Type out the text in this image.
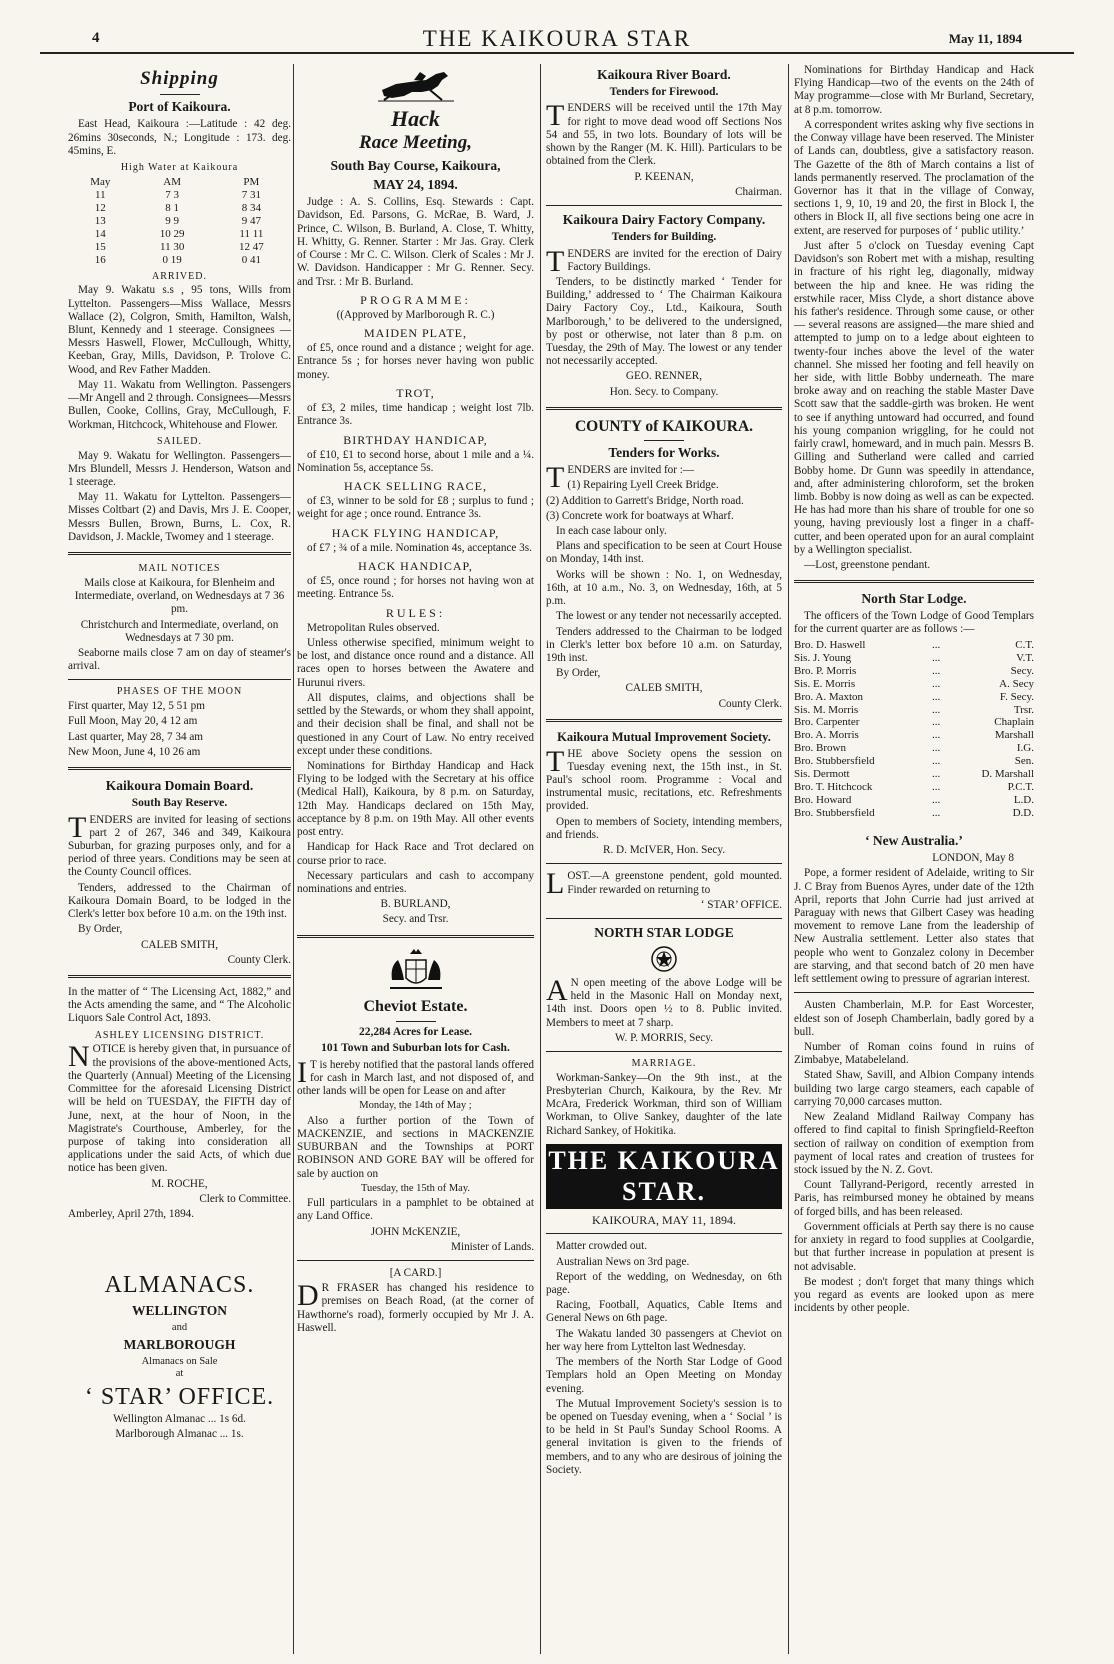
4	THE KAIKOURA STAR	May 11, 1894
Shipping
Port of Kaikoura.

East Head, Kaikoura :—Latitude : 42 deg. 26mins 30seconds, N.; Longitude : 173. deg. 45mins, E.

High Water at Kaikoura
May	AM	PM
11	7 3	7 31
12	8 1	8 34
13	9 9	9 47
14	10 29	11 11
15	11 30	12 47
16	0 19	0 41
ARRIVED.

May 9. Wakatu s.s , 95 tons, Wills from Lyttelton. Passengers—Miss Wallace, Messrs Wallace (2), Colgron, Smith, Hamilton, Walsh, Blunt, Kennedy and 1 steerage. Consignees — Messrs Haswell, Flower, McCullough, Whitty, Keeban, Gray, Mills, Davidson, P. Trolove C. Wood, and Rev Father Madden.

May 11. Wakatu from Wellington. Passengers—Mr Angell and 2 through. Consignees—Messrs Bullen, Cooke, Collins, Gray, McCullough, F. Workman, Hitchcock, Whitehouse and Flower.

SAILED.

May 9. Wakatu for Wellington. Passengers—Mrs Blundell, Messrs J. Henderson, Watson and 1 steerage.

May 11. Wakatu for Lyttelton. Passengers—Misses Coltbart (2) and Davis, Mrs J. E. Cooper, Messrs Bullen, Brown, Burns, L. Cox, R. Davidson, J. Mackle, Twomey and 1 steerage.

MAIL NOTICES

Mails close at Kaikoura, for Blenheim and Intermediate, overland, on Wednesdays at 7 36 pm.

Christchurch and Intermediate, overland, on Wednesdays at 7 30 pm.

Seaborne mails close 7 am on day of steamer's arrival.

PHASES OF THE MOON

First quarter, May 12, 5 51 pm

Full Moon, May 20, 4 12 am

Last quarter, May 28, 7 34 am

New Moon, June 4, 10 26 am

Kaikoura Domain Board.
South Bay Reserve.

TENDERS are invited for leasing of sections part 2 of 267, 346 and 349, Kaikoura Suburban, for grazing purposes only, and for a period of three years. Conditions may be seen at the County Council offices.

Tenders, addressed to the Chairman of Kaikoura Domain Board, to be lodged in the Clerk's letter box before 10 a.m. on the 19th inst.

By Order,

CALEB SMITH,

County Clerk.

In the matter of “ The Licensing Act, 1882,” and the Acts amending the same, and “ The Alcoholic Liquors Sale Control Act, 1893.

ASHLEY LICENSING DISTRICT.

NOTICE is hereby given that, in pursuance of the provisions of the above-mentioned Acts, the Quarterly (Annual) Meeting of the Licensing Committee for the aforesaid Licensing District will be held on TUESDAY, the FIFTH day of June, next, at the hour of Noon, in the Magistrate's Courthouse, Amberley, for the purpose of taking into consideration all applications under the said Acts, of which due notice has been given.

M. ROCHE,

Clerk to Committee.

Amberley, April 27th, 1894.

ALMANACS.
WELLINGTON
and
MARLBOROUGH
Almanacs on Sale
at
‘ STAR’ OFFICE.

Wellington Almanac ... 1s 6d.

Marlborough Almanac ... 1s.

Hack
Race Meeting,
South Bay Course, Kaikoura,
MAY 24, 1894.

Judge : A. S. Collins, Esq. Stewards : Capt. Davidson, Ed. Parsons, G. McRae, B. Ward, J. Prince, C. Wilson, B. Burland, A. Close, T. Whitty, H. Whitty, G. Renner. Starter : Mr Jas. Gray. Clerk of Course : Mr C. C. Wilson. Clerk of Scales : Mr J. W. Davidson. Handicapper : Mr G. Renner. Secy. and Trsr. : Mr B. Burland.

PROGRAMME:

((Approved by Marlborough R. C.)

MAIDEN PLATE,

of £5, once round and a distance ; weight for age. Entrance 5s ; for horses never having won public money.

TROT,

of £3, 2 miles, time handicap ; weight lost 7lb. Entrance 3s.

BIRTHDAY HANDICAP,

of £10, £1 to second horse, about 1 mile and a ¼. Nomination 5s, acceptance 5s.

HACK SELLING RACE,

of £3, winner to be sold for £8 ; surplus to fund ; weight for age ; once round. Entrance 3s.

HACK FLYING HANDICAP,

of £7 ; ¾ of a mile. Nomination 4s, acceptance 3s.

HACK HANDICAP,

of £5, once round ; for horses not having won at meeting. Entrance 5s.

RULES:

Metropolitan Rules observed.

Unless otherwise specified, minimum weight to be lost, and distance once round and a distance. All races open to horses between the Awatere and Hurunui rivers.

All disputes, claims, and objections shall be settled by the Stewards, or whom they shall appoint, and their decision shall be final, and shall not be questioned in any Court of Law. No entry received except under these conditions.

Nominations for Birthday Handicap and Hack Flying to be lodged with the Secretary at his office (Medical Hall), Kaikoura, by 8 p.m. on Saturday, 12th May. Handicaps declared on 15th May, acceptance by 8 p.m. on 19th May. All other events post entry.

Handicap for Hack Race and Trot declared on course prior to race.

Necessary particulars and cash to accompany nominations and entries.

B. BURLAND,

Secy. and Trsr.

Cheviot Estate.
22,284 Acres for Lease.
101 Town and Suburban lots for Cash.

I T is hereby notified that the pastoral lands offered for cash in March last, and not disposed of, and other lands will be open for Lease on and after

Monday, the 14th of May ;

Also a further portion of the Town of MACKENZIE, and sections in MACKENZIE SUBURBAN and the Townships at PORT ROBINSON AND GORE BAY will be offered for sale by auction on

Tuesday, the 15th of May.

Full particulars in a pamphlet to be obtained at any Land Office.

JOHN McKENZIE,

Minister of Lands.

[A CARD.]

D R FRASER has changed his residence to premises on Beach Road, (at the corner of Hawthorne's road), formerly occupied by Mr J. A. Haswell.

Kaikoura River Board.
Tenders for Firewood.

TENDERS will be received until the 17th May for right to move dead wood off Sections Nos 54 and 55, in two lots. Boundary of lots will be shown by the Ranger (M. K. Hill). Particulars to be obtained from the Clerk.

P. KEENAN,

Chairman.

Kaikoura Dairy Factory Company.
Tenders for Building.

TENDERS are invited for the erection of Dairy Factory Buildings.

Tenders, to be distinctly marked ‘ Tender for Building,’ addressed to ‘ The Chairman Kaikoura Dairy Factory Coy., Ltd., Kaikoura, South Marlborough,’ to be delivered to the undersigned, by post or otherwise, not later than 8 p.m. on Tuesday, the 29th of May. The lowest or any tender not necessarily accepted.

GEO. RENNER,

Hon. Secy. to Company.

COUNTY of KAIKOURA.
Tenders for Works.

TENDERS are invited for :—

(1) Repairing Lyell Creek Bridge.

(2) Addition to Garrett's Bridge, North road.

(3) Concrete work for boatways at Wharf.

In each case labour only.

Plans and specification to be seen at Court House on Monday, 14th inst.

Works will be shown : No. 1, on Wednesday, 16th, at 10 a.m., No. 3, on Wednesday, 16th, at 5 p.m.

The lowest or any tender not necessarily accepted.

Tenders addressed to the Chairman to be lodged in Clerk's letter box before 10 a.m. on Saturday, 19th inst.

By Order,

CALEB SMITH,

County Clerk.

Kaikoura Mutual Improvement Society.

THE above Society opens the session on Tuesday evening next, the 15th inst., in St. Paul's school room. Programme : Vocal and instrumental music, recitations, etc. Refreshments provided.

Open to members of Society, intending members, and friends.

R. D. McIVER, Hon. Secy.

LOST.—A greenstone pendent, gold mounted. Finder rewarded on returning to

‘ STAR’ OFFICE.

NORTH STAR LODGE

A N open meeting of the above Lodge will be held in the Masonic Hall on Monday next, 14th inst. Doors open ½ to 8. Public invited. Members to meet at 7 sharp.

W. P. MORRIS, Secy.

MARRIAGE.

Workman-Sankey—On the 9th inst., at the Presbyterian Church, Kaikoura, by the Rev. Mr McAra, Frederick Workman, third son of William Workman, to Olive Sankey, daughter of the late Richard Sankey, of Hokitika.

THE KAIKOURA STAR.
KAIKOURA, MAY 11, 1894.

Matter crowded out.

Australian News on 3rd page.

Report of the wedding, on Wednesday, on 6th page.

Racing, Football, Aquatics, Cable Items and General News on 6th page.

The Wakatu landed 30 passengers at Cheviot on her way here from Lyttelton last Wednesday.

The members of the North Star Lodge of Good Templars hold an Open Meeting on Monday evening.

The Mutual Improvement Society's session is to be opened on Tuesday evening, when a ‘ Social ’ is to be held in St Paul's Sunday School Rooms. A general invitation is given to the friends of members, and to any who are desirous of joining the Society.

Nominations for Birthday Handicap and Hack Flying Handicap—two of the events on the 24th of May programme—close with Mr Burland, Secretary, at 8 p.m. tomorrow.

A correspondent writes asking why five sections in the Conway village have been reserved. The Minister of Lands can, doubtless, give a satisfactory reason. The Gazette of the 8th of March contains a list of lands permanently reserved. The proclamation of the Governor has it that in the village of Conway, sections 1, 9, 10, 19 and 20, the first in Block I, the others in Block II, all five sections being one acre in extent, are reserved for purposes of ‘ public utility.’

Just after 5 o'clock on Tuesday evening Capt Davidson's son Robert met with a mishap, resulting in fracture of his right leg, diagonally, midway between the hip and knee. He was riding the erstwhile racer, Miss Clyde, a short distance above his father's residence. Through some cause, or other — several reasons are assigned—the mare shied and attempted to jump on to a ledge about eighteen to twenty-four inches above the level of the water channel. She missed her footing and fell heavily on her side, with little Bobby underneath. The mare broke away and on reaching the stable Master Dave Scott saw that the saddle-girth was broken. He went to see if anything untoward had occurred, and found his young companion wriggling, for he could not fairly crawl, homeward, and in much pain. Messrs B. Gilling and Sutherland were called and carried Bobby home. Dr Gunn was speedily in attendance, and, after administering chloroform, set the broken limb. Bobby is now doing as well as can be expected. He has had more than his share of trouble for one so young, having previously lost a finger in a chaff-cutter, and been operated upon for an aural complaint by a Wellington specialist.

—Lost, greenstone pendant.

North Star Lodge.

The officers of the Town Lodge of Good Templars for the current quarter are as follows :—

Bro. D. Haswell	...	C.T.
Sis. J. Young	...	V.T.
Bro. P. Morris	...	Secy.
Sis. E. Morris	...	A. Secy
Bro. A. Maxton	...	F. Secy.
Sis. M. Morris	...	Trsr.
Bro. Carpenter	...	Chaplain
Bro. A. Morris	...	Marshall
Bro. Brown	...	I.G.
Bro. Stubbersfield	...	Sen.
Sis. Dermott	...	D. Marshall
Bro. T. Hitchcock	...	P.C.T.
Bro. Howard	...	L.D.
Bro. Stubbersfield	...	D.D.
‘ New Australia.’

LONDON, May 8

Pope, a former resident of Adelaide, writing to Sir J. C Bray from Buenos Ayres, under date of the 12th April, reports that John Currie had just arrived at Paraguay with news that Gilbert Casey was heading movement to remove Lane from the leadership of New Australia settlement. Letter also states that people who went to Gonzalez colony in December are starving, and that second batch of 20 men have left settlement owing to pressure of agrarian interest.

Austen Chamberlain, M.P. for East Worcester, eldest son of Joseph Chamberlain, badly gored by a bull.

Number of Roman coins found in ruins of Zimbabye, Matabeleland.

Stated Shaw, Savill, and Albion Company intends building two large cargo steamers, each capable of carrying 70,000 carcases mutton.

New Zealand Midland Railway Company has offered to find capital to finish Springfield-Reefton section of railway on condition of exemption from payment of local rates and creation of trustees for stock issued by the N. Z. Govt.

Count Tallyrand-Perigord, recently arrested in Paris, has reimbursed money he obtained by means of forged bills, and has been released.

Government officials at Perth say there is no cause for anxiety in regard to food supplies at Coolgardie, but that further increase in population at present is not advisable.

Be modest ; don't forget that many things which you regard as events are looked upon as mere incidents by other people.
